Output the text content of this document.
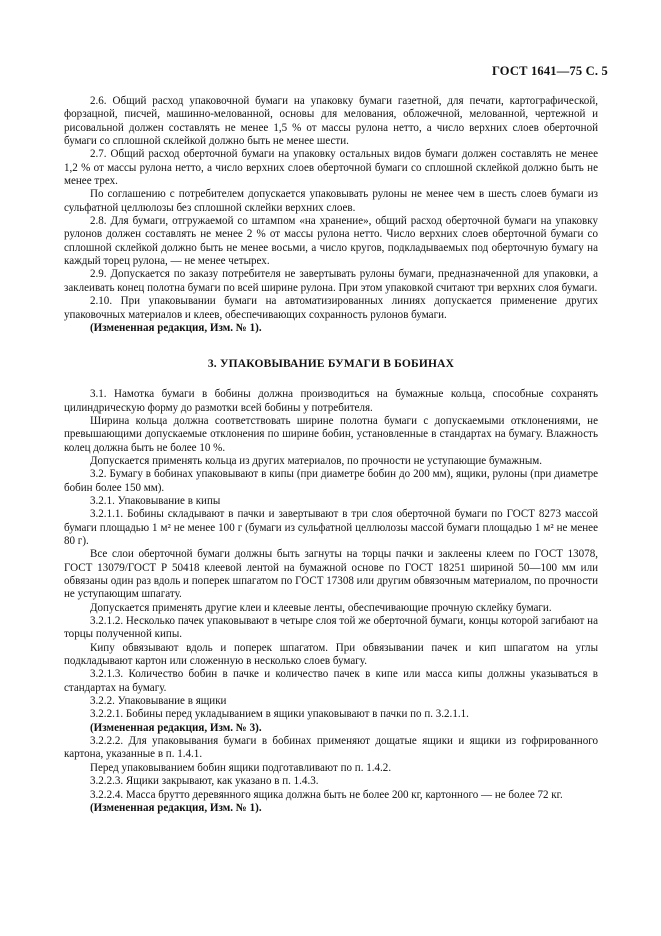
ГОСТ 1641—75 С. 5

2.6. Общий расход упаковочной бумаги на упаковку бумаги газетной, для печати, картографической, форзацной, писчей, машинно-мелованной, основы для мелования, обложечной, мелованной, чертежной и рисовальной должен составлять не менее 1,5 % от массы рулона нетто, а число верхних слоев оберточной бумаги со сплошной склейкой должно быть не менее шести.

2.7. Общий расход оберточной бумаги на упаковку остальных видов бумаги должен составлять не менее 1,2 % от массы рулона нетто, а число верхних слоев оберточной бумаги со сплошной склейкой должно быть не менее трех.

По соглашению с потребителем допускается упаковывать рулоны не менее чем в шесть слоев бумаги из сульфатной целлюлозы без сплошной склейки верхних слоев.

2.8. Для бумаги, отгружаемой со штампом «на хранение», общий расход оберточной бумаги на упаковку рулонов должен составлять не менее 2 % от массы рулона нетто. Число верхних слоев оберточной бумаги со сплошной склейкой должно быть не менее восьми, а число кругов, подкладываемых под оберточную бумагу на каждый торец рулона, — не менее четырех.

2.9. Допускается по заказу потребителя не завертывать рулоны бумаги, предназначенной для упаковки, а заклеивать конец полотна бумаги по всей ширине рулона. При этом упаковкой считают три верхних слоя бумаги.

2.10. При упаковывании бумаги на автоматизированных линиях допускается применение других упаковочных материалов и клеев, обеспечивающих сохранность рулонов бумаги.

(Измененная редакция, Изм. № 1).

3. УПАКОВЫВАНИЕ БУМАГИ В БОБИНАХ

3.1. Намотка бумаги в бобины должна производиться на бумажные кольца, способные сохранять цилиндрическую форму до размотки всей бобины у потребителя.

Ширина кольца должна соответствовать ширине полотна бумаги с допускаемыми отклонениями, не превышающими допускаемые отклонения по ширине бобин, установленные в стандартах на бумагу. Влажность колец должна быть не более 10 %.

Допускается применять кольца из других материалов, по прочности не уступающие бумажным.

3.2. Бумагу в бобинах упаковывают в кипы (при диаметре бобин до 200 мм), ящики, рулоны (при диаметре бобин более 150 мм).

3.2.1. Упаковывание в кипы

3.2.1.1. Бобины складывают в пачки и завертывают в три слоя оберточной бумаги по ГОСТ 8273 массой бумаги площадью 1 м² не менее 100 г (бумаги из сульфатной целлюлозы массой бумаги площадью 1 м² не менее 80 г).

Все слои оберточной бумаги должны быть загнуты на торцы пачки и заклеены клеем по ГОСТ 13078, ГОСТ 13079/ГОСТ Р 50418 клеевой лентой на бумажной основе по ГОСТ 18251 шириной 50—100 мм или обвязаны один раз вдоль и поперек шпагатом по ГОСТ 17308 или другим обвязочным материалом, по прочности не уступающим шпагату.

Допускается применять другие клеи и клеевые ленты, обеспечивающие прочную склейку бумаги.

3.2.1.2. Несколько пачек упаковывают в четыре слоя той же оберточной бумаги, концы которой загибают на торцы полученной кипы.

Кипу обвязывают вдоль и поперек шпагатом. При обвязывании пачек и кип шпагатом на углы подкладывают картон или сложенную в несколько слоев бумагу.

3.2.1.3. Количество бобин в пачке и количество пачек в кипе или масса кипы должны указываться в стандартах на бумагу.

3.2.2. Упаковывание в ящики

3.2.2.1. Бобины перед укладыванием в ящики упаковывают в пачки по п. 3.2.1.1.

(Измененная редакция, Изм. № 3).

3.2.2.2. Для упаковывания бумаги в бобинах применяют дощатые ящики и ящики из гофрированного картона, указанные в п. 1.4.1.

Перед упаковыванием бобин ящики подготавливают по п. 1.4.2.

3.2.2.3. Ящики закрывают, как указано в п. 1.4.3.

3.2.2.4. Масса брутто деревянного ящика должна быть не более 200 кг, картонного — не более 72 кг.

(Измененная редакция, Изм. № 1).
